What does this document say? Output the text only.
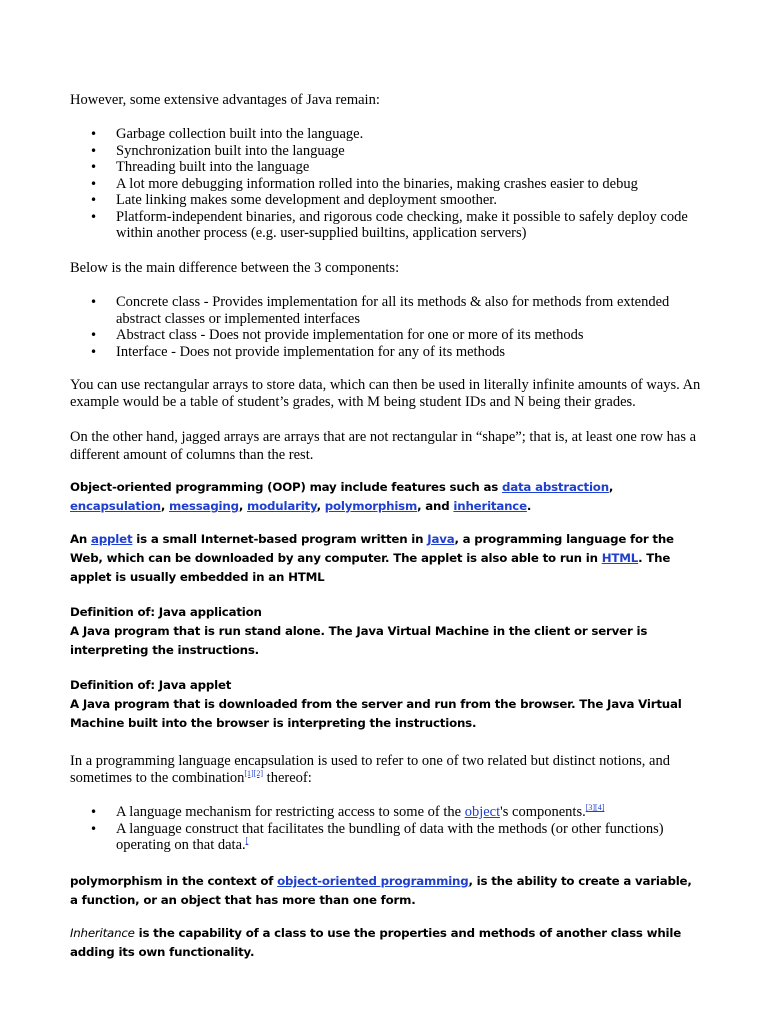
However, some extensive advantages of Java remain:

• Garbage collection built into the language.
• Synchronization built into the language
• Threading built into the language
• A lot more debugging information rolled into the binaries, making crashes easier to debug
• Late linking makes some development and deployment smoother.
• Platform-independent binaries, and rigorous code checking, make it possible to safely deploy code within another process (e.g. user-supplied builtins, application servers)

Below is the main difference between the 3 components:

• Concrete class - Provides implementation for all its methods & also for methods from extended abstract classes or implemented interfaces
• Abstract class - Does not provide implementation for one or more of its methods
• Interface - Does not provide implementation for any of its methods

You can use rectangular arrays to store data, which can then be used in literally infinite amounts of ways. An example would be a table of student’s grades, with M being student IDs and N being their grades.

On the other hand, jagged arrays are arrays that are not rectangular in “shape”; that is, at least one row has a different amount of columns than the rest.

Object-oriented programming (OOP) may include features such as data abstraction, encapsulation, messaging, modularity, polymorphism, and inheritance.

An applet is a small Internet-based program written in Java, a programming language for the Web, which can be downloaded by any computer. The applet is also able to run in HTML. The applet is usually embedded in an HTML

Definition of: Java application

A Java program that is run stand alone. The Java Virtual Machine in the client or server is interpreting the instructions.

Definition of: Java applet

A Java program that is downloaded from the server and run from the browser. The Java Virtual Machine built into the browser is interpreting the instructions.

In a programming language encapsulation is used to refer to one of two related but distinct notions, and sometimes to the combination[1][2] thereof:

• A language mechanism for restricting access to some of the object's components.[3][4]
• A language construct that facilitates the bundling of data with the methods (or other functions) operating on that data.[

polymorphism in the context of object-oriented programming, is the ability to create a variable, a function, or an object that has more than one form.

Inheritance is the capability of a class to use the properties and methods of another class while adding its own functionality.
